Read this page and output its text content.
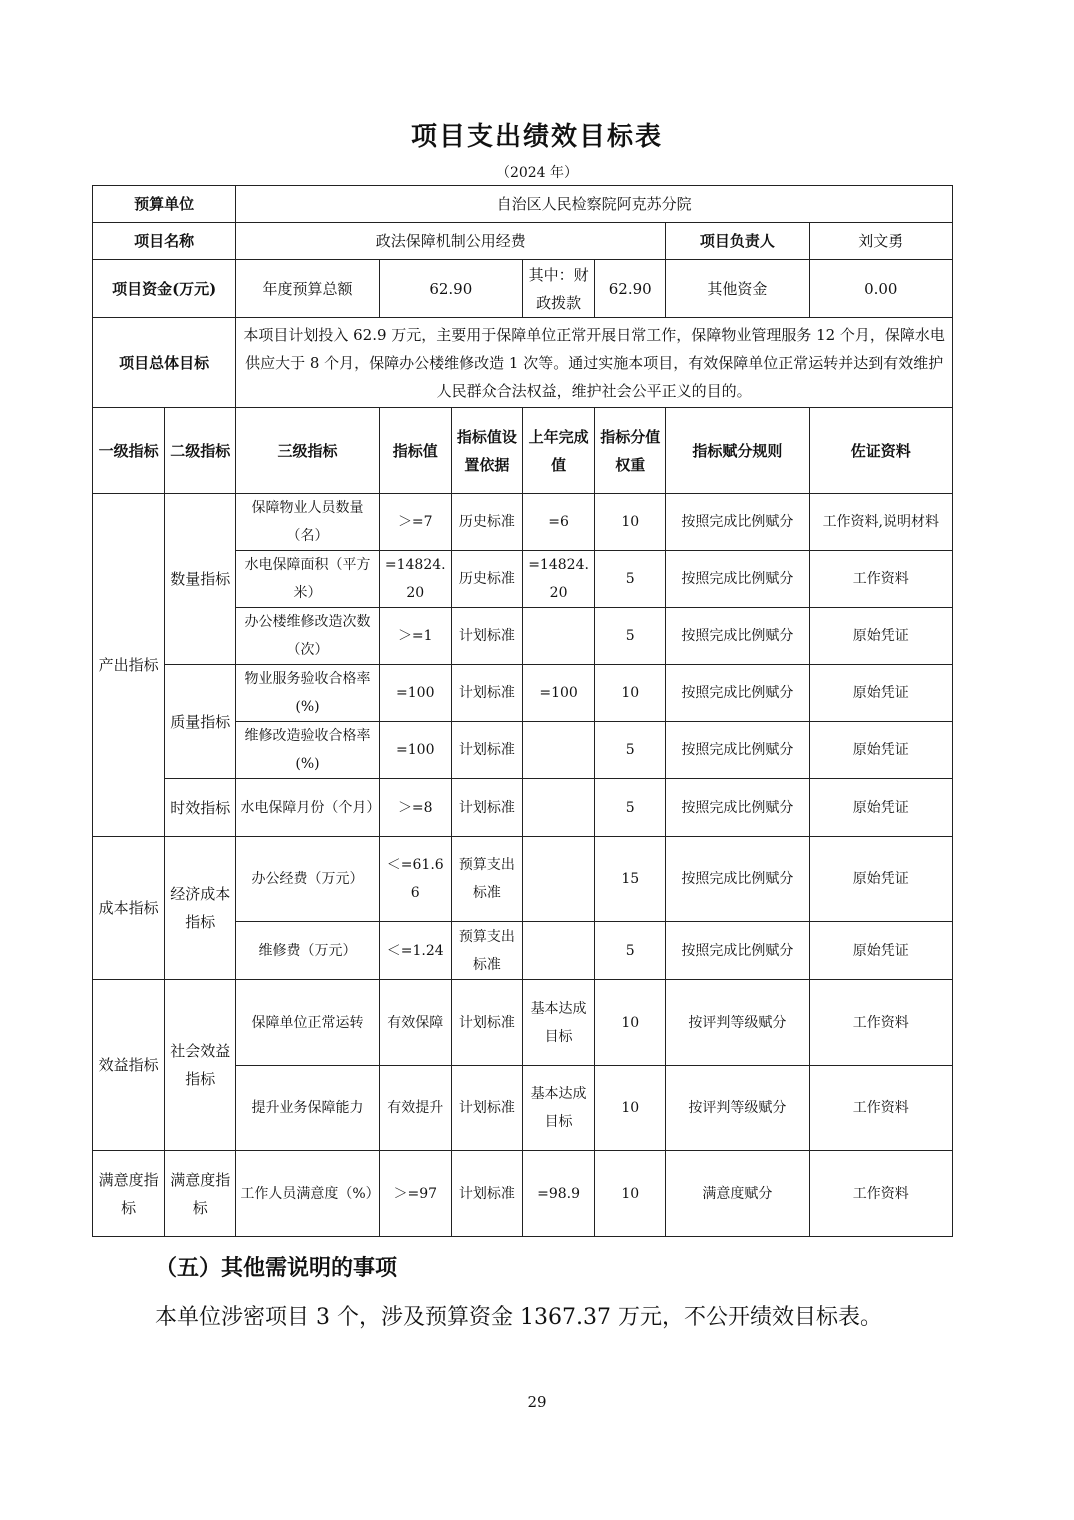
项目支出绩效目标表
（2024 年）
预算单位		自治区人民检察院阿克苏分院						
项目名称		政法保障机制公用经费					项目负责人	刘文勇
项目资金(万元)		年度预算总额	62.90		其中：财政拨款	62.90	其他资金	0.00
项目总体目标		本项目计划投入 62.9 万元，主要用于保障单位正常开展日常工作，保障物业管理服务 12 个月，保障水电供应大于 8 个月，保障办公楼维修改造 1 次等。通过实施本项目，有效保障单位正常运转并达到有效维护人民群众合法权益，维护社会公平正义的目的。						
一级指标	二级指标	三级指标	指标值	指标值设置依据	上年完成值	指标分值权重	指标赋分规则	佐证资料
产出指标	数量指标	保障物业人员数量（名）	＞=7	历史标准	=6	10	按照完成比例赋分	工作资料,说明材料
		水电保障面积（平方米）	=14824.20	历史标准	=14824.20	5	按照完成比例赋分	工作资料
		办公楼维修改造次数（次）	＞=1	计划标准		5	按照完成比例赋分	原始凭证
	质量指标	物业服务验收合格率(%)	=100	计划标准	=100	10	按照完成比例赋分	原始凭证
		维修改造验收合格率(%)	=100	计划标准		5	按照完成比例赋分	原始凭证
	时效指标	水电保障月份（个月）	＞=8	计划标准		5	按照完成比例赋分	原始凭证
成本指标	经济成本指标	办公经费（万元）	＜=61.66	预算支出标准		15	按照完成比例赋分	原始凭证
		维修费（万元）	＜=1.24	预算支出标准		5	按照完成比例赋分	原始凭证
效益指标	社会效益指标	保障单位正常运转	有效保障	计划标准	基本达成目标	10	按评判等级赋分	工作资料
		提升业务保障能力	有效提升	计划标准	基本达成目标	10	按评判等级赋分	工作资料
满意度指标	满意度指标	工作人员满意度（%）	＞=97	计划标准	=98.9	10	满意度赋分	工作资料
（五）其他需说明的事项
本单位涉密项目 3 个，涉及预算资金 1367.37 万元，不公开绩效目标表。
29
